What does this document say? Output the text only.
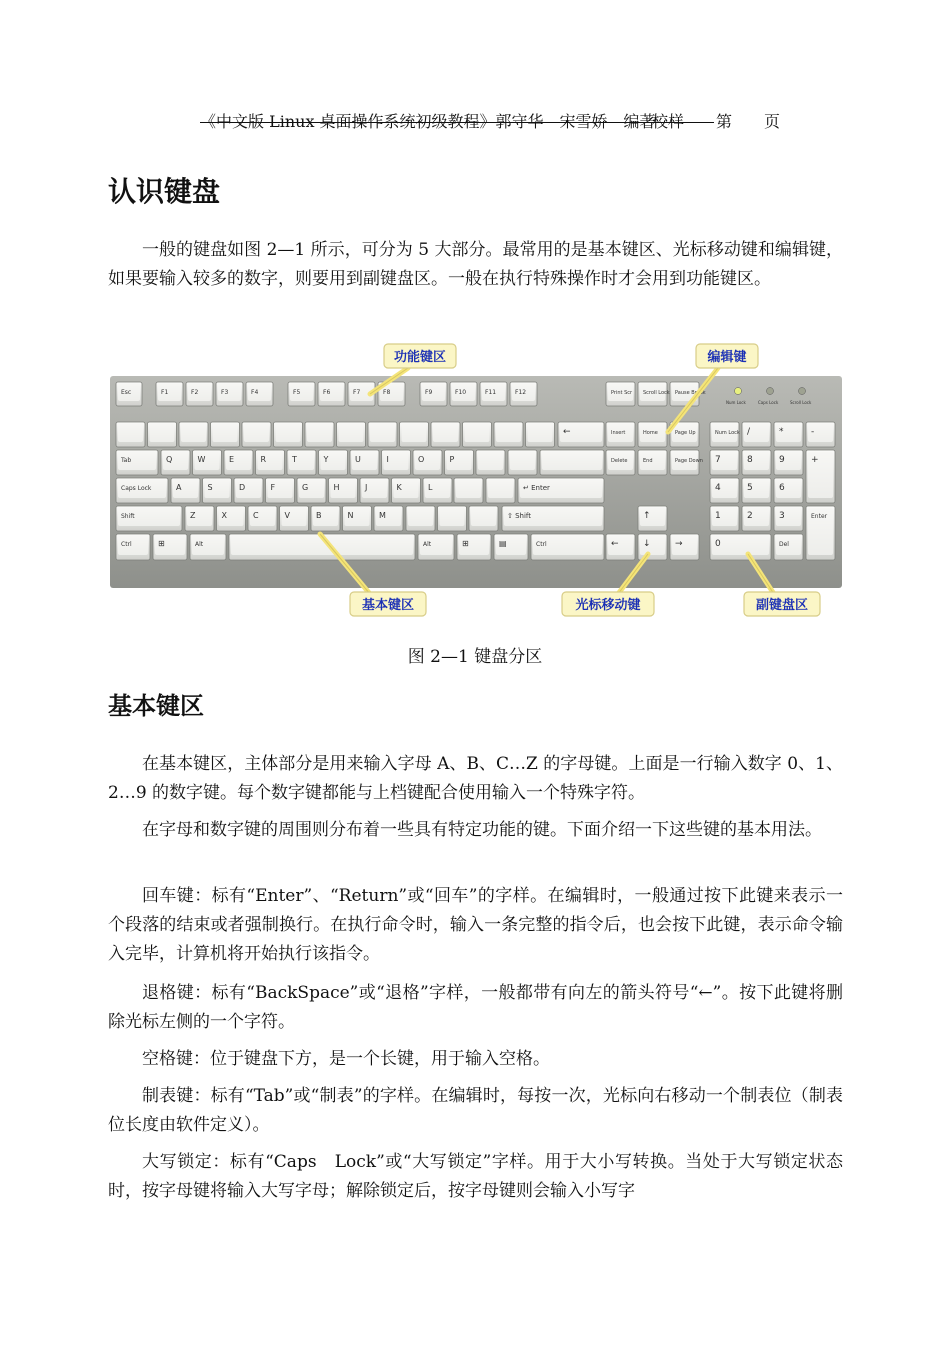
《中文版 Linux 桌面操作系统初级教程》郭守华　宋雪娇　编著
校样　　第　　页
认识键盘

一般的键盘如图 2—1 所示，可分为 5 大部分。最常用的是基本键区、光标移动键和编辑键，如果要输入较多的数字，则要用到副键盘区。一般在执行特殊操作时才会用到功能键区。

Esc	F1	F2	F3	F4	F5	F6	F7	F8	F9	F10	F11	F12	Print Scr Scroll Lock Pause Break
←
Tab	Q	W	E	R	T	Y	U	I	O	P
Caps Lock	A	S	D	F	G	H	J	K	L	↵ Enter
Shift	Z	X	C	V	B	N	M	⇧ Shift
Ctrl	⊞	Alt	Alt	⊞	▤	Ctrl
Insert	Home	Page Up
Delete	End	Page Down
↑
←	↓	→
Num Lock /	*	-
7	8	9	+
4	5	6
1	2	3	Enter
0	Del
Num Lock	Caps Lock	Scroll Lock
功能键区	编辑键
基本键区	光标移动键	副键盘区
图 2—1 键盘分区
基本键区

在基本键区，主体部分是用来输入字母 A、B、C…Z 的字母键。上面是一行输入数字 0、1、2…9 的数字键。每个数字键都能与上档键配合使用输入一个特殊字符。

在字母和数字键的周围则分布着一些具有特定功能的键。下面介绍一下这些键的基本用法。

回车键：标有“Enter”、“Return”或“回车”的字样。在编辑时，一般通过按下此键来表示一个段落的结束或者强制换行。在执行命令时，输入一条完整的指令后，也会按下此键，表示命令输入完毕，计算机将开始执行该指令。

退格键：标有“BackSpace”或“退格”字样，一般都带有向左的箭头符号“←”。按下此键将删除光标左侧的一个字符。

空格键：位于键盘下方，是一个长键，用于输入空格。

制表键：标有“Tab”或“制表”的字样。在编辑时，每按一次，光标向右移动一个制表位（制表位长度由软件定义）。

大写锁定：标有“Caps　Lock”或“大写锁定”字样。用于大小写转换。当处于大写锁定状态时，按字母键将输入大写字母；解除锁定后，按字母键则会输入小写字
